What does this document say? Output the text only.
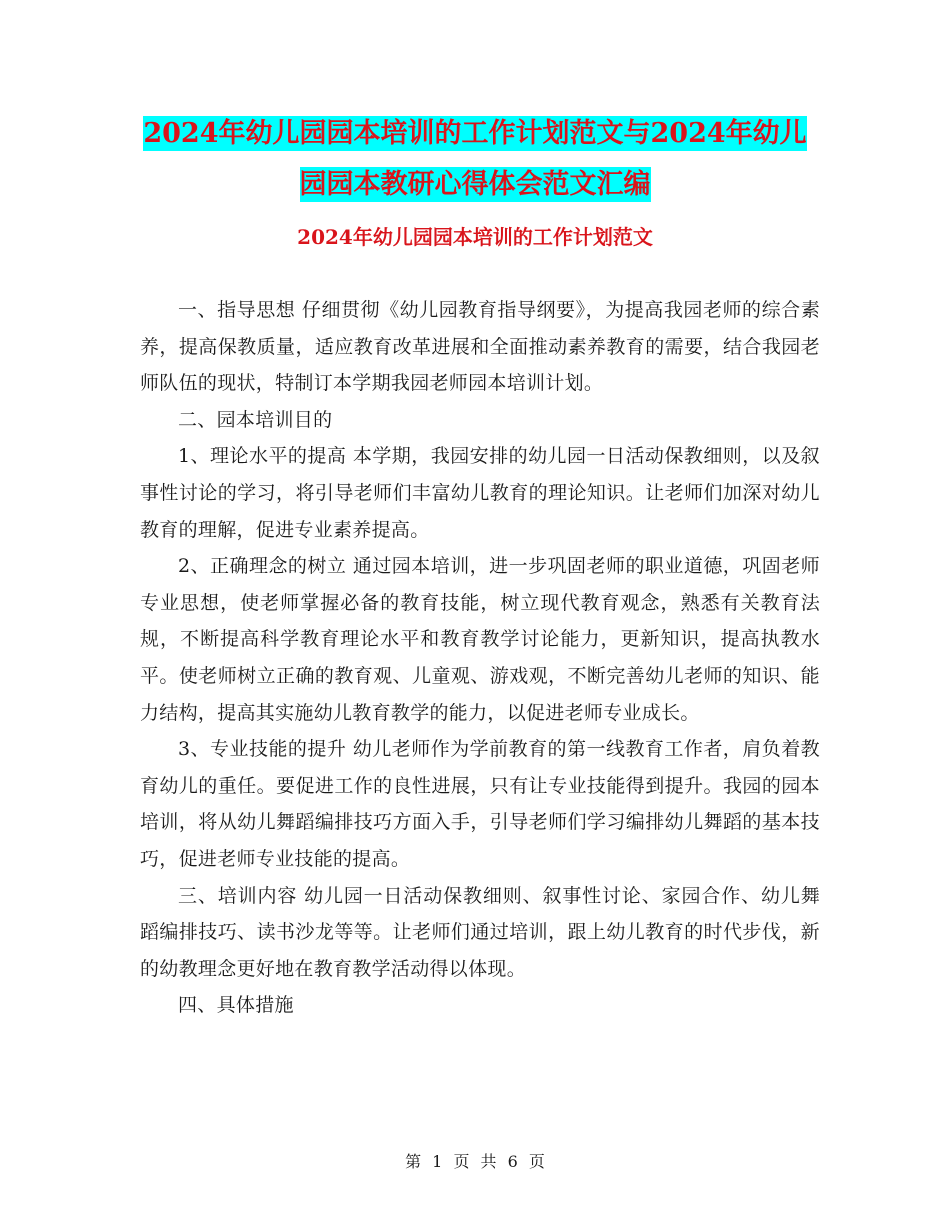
2024年幼儿园园本培训的工作计划范文与2024年幼儿
园园本教研心得体会范文汇编
2024年幼儿园园本培训的工作计划范文

一、指导思想 仔细贯彻《幼儿园教育指导纲要》，为提高我园老师的综合素养，提高保教质量，适应教育改革进展和全面推动素养教育的需要，结合我园老师队伍的现状，特制订本学期我园老师园本培训计划。

二、园本培训目的

1、理论水平的提高 本学期，我园安排的幼儿园一日活动保教细则，以及叙事性讨论的学习，将引导老师们丰富幼儿教育的理论知识。让老师们加深对幼儿教育的理解，促进专业素养提高。

2、正确理念的树立 通过园本培训，进一步巩固老师的职业道德，巩固老师专业思想，使老师掌握必备的教育技能，树立现代教育观念，熟悉有关教育法规，不断提高科学教育理论水平和教育教学讨论能力，更新知识，提高执教水平。使老师树立正确的教育观、儿童观、游戏观，不断完善幼儿老师的知识、能力结构，提高其实施幼儿教育教学的能力，以促进老师专业成长。

3、专业技能的提升 幼儿老师作为学前教育的第一线教育工作者，肩负着教育幼儿的重任。要促进工作的良性进展，只有让专业技能得到提升。我园的园本培训，将从幼儿舞蹈编排技巧方面入手，引导老师们学习编排幼儿舞蹈的基本技巧，促进老师专业技能的提高。

三、培训内容 幼儿园一日活动保教细则、叙事性讨论、家园合作、幼儿舞蹈编排技巧、读书沙龙等等。让老师们通过培训，跟上幼儿教育的时代步伐，新的幼教理念更好地在教育教学活动得以体现。

四、具体措施

第 1 页 共 6 页
